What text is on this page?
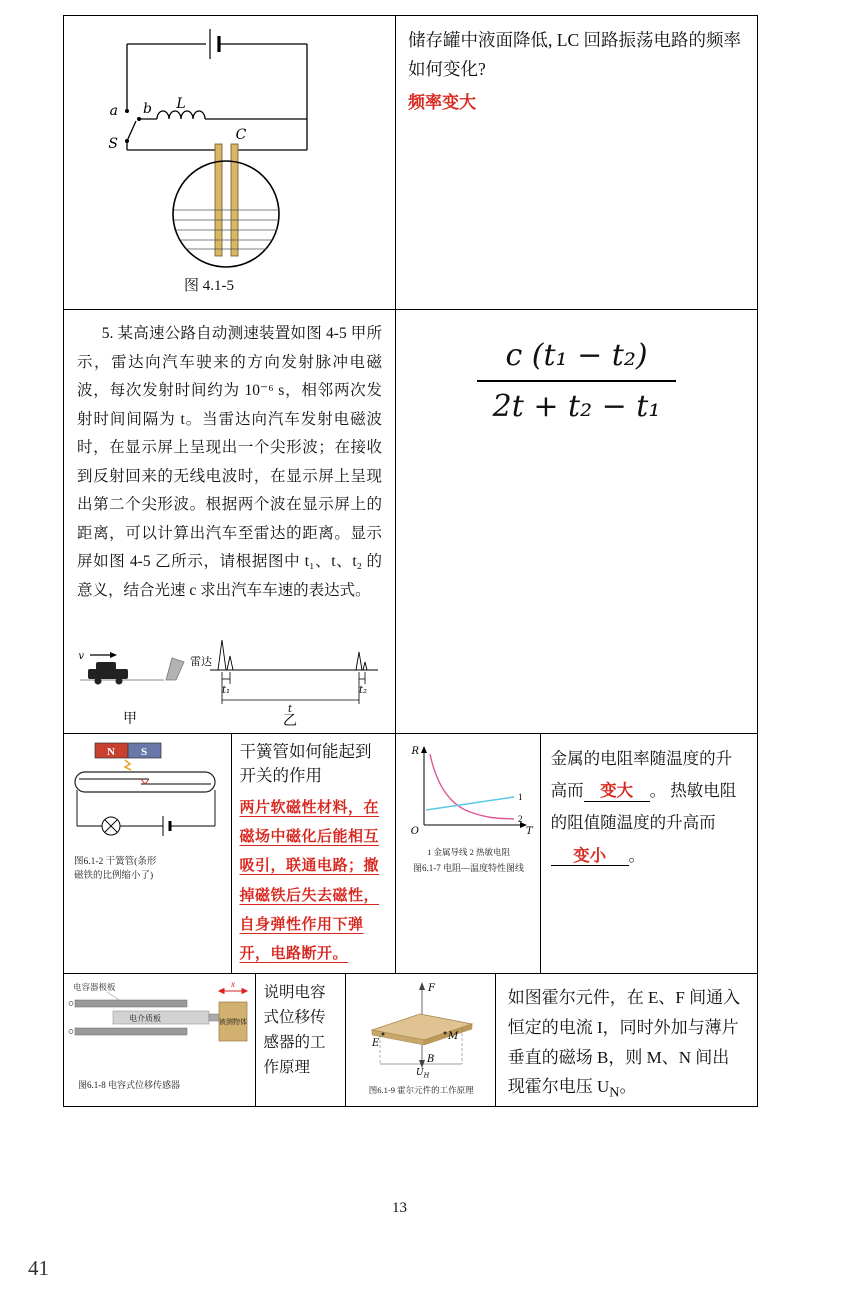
a b
S
L
C
图 4.1-5
储存罐中液面降低, LC 回路振荡电路的频率如何变化?
频率变大

5. 某高速公路自动测速装置如图 4-5 甲所示，雷达向汽车驶来的方向发射脉冲电磁波，每次发射时间约为 10⁻⁶ s，相邻两次发射时间间隔为 t。当雷达向汽车发射电磁波时，在显示屏上呈现出一个尖形波；在接收到反射回来的无线电波时，在显示屏上呈现出第二个尖形波。根据两个波在显示屏上的距离，可以计算出汽车至雷达的距离。显示屏如图 4-5 乙所示，请根据图中 t₁、t、t₂ 的意义，结合光速 c 求出汽车车速的表达式。

v	雷达
t₁	t₂
t
甲	乙
$\frac{\text{c (t₁ − t₂)}}{\text{2t + t₂ − t₁}}$
N S
图6.1-2 干簧管(条形
磁铁的比例缩小了)
干簧管如何能起到开关的作用
两片软磁性材料，在磁场中磁化后能相互吸引，联通电路；撤掉磁铁后失去磁性，自身弹性作用下弹开，电路断开。
R
T
O
1
2
1 金属导线 2 热敏电阻
图6.1-7 电阻—温度特性图线
金属的电阻率随温度的升高而 变大 。 热敏电阻的阻值随温度的升高而变小 。
电容器极板
电介质板	被测物体
x
图6.1-8 电容式位移传感器
说明电容式位移传感器的工作原理
F
M
E
B
$U_H$
图6.1-9 霍尔元件的工作原理
如图霍尔元件，在 E、F 间通入恒定的电流 I，同时外加与薄片垂直的磁场 B，则 M、N 间出现霍尔电压 $U_N$。
13
41
